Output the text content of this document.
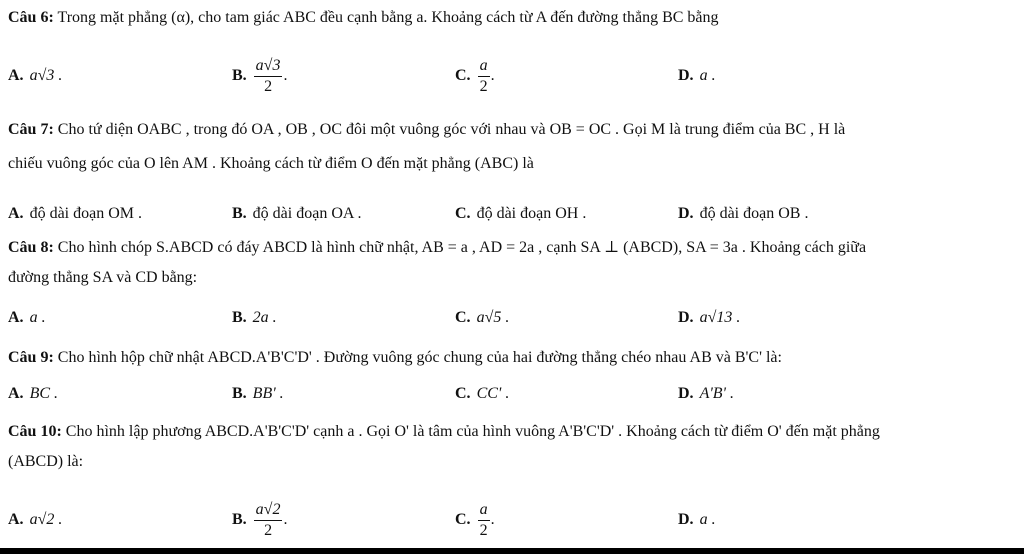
Câu 6: Trong mặt phẳng (α), cho tam giác ABC đều cạnh bằng a. Khoảng cách từ A đến đường thẳng BC bằng
A. a√3 .	B. $\frac{a√3}{2}$ .	C. $\frac{a}{2}$ .	D. a .
Câu 7: Cho tứ diện OABC , trong đó OA , OB , OC đôi một vuông góc với nhau và OB = OC . Gọi M là trung điểm của BC , H là
chiếu vuông góc của O lên AM . Khoảng cách từ điểm O đến mặt phẳng (ABC) là
A. độ dài đoạn OM .	B. độ dài đoạn OA .	C. độ dài đoạn OH .	D. độ dài đoạn OB .
Câu 8: Cho hình chóp S.ABCD có đáy ABCD là hình chữ nhật, AB = a , AD = 2a , cạnh SA ⊥ (ABCD), SA = 3a . Khoảng cách giữa
đường thẳng SA và CD bằng:
A. a .	B. 2a .	C. a√5 .	D. a√13 .
Câu 9: Cho hình hộp chữ nhật ABCD.A'B'C'D' . Đường vuông góc chung của hai đường thẳng chéo nhau AB và B'C' là:
A. BC .	B. BB' .	C. CC' .	D. A'B' .
Câu 10: Cho hình lập phương ABCD.A'B'C'D' cạnh a . Gọi O' là tâm của hình vuông A'B'C'D' . Khoảng cách từ điểm O' đến mặt phẳng
(ABCD) là:
A. a√2 .	B. $\frac{a√2}{2}$ .	C. $\frac{a}{2}$ .	D. a .
